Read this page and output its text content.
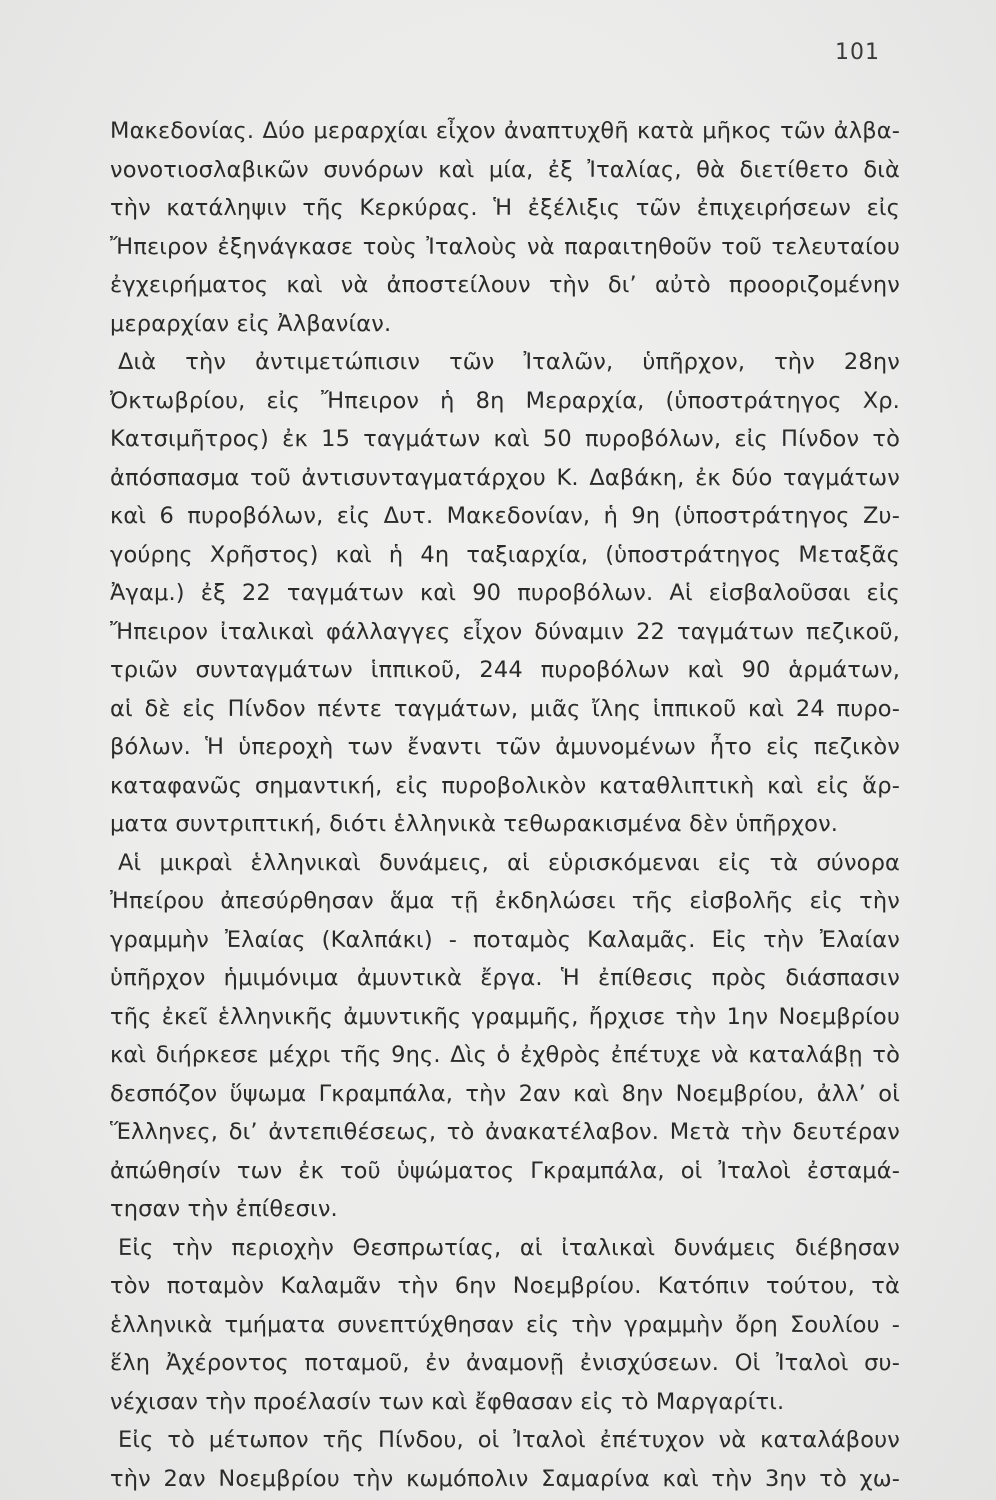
101
Μακεδονίας. Δύο μεραρχίαι εἶχον ἀναπτυχθῆ κατὰ μῆκος τῶν ἀλβα-
νονοτιοσλαβικῶν συνόρων καὶ μία, ἐξ Ἰταλίας, θὰ διετίθετο διὰ
τὴν κατάληψιν τῆς Κερκύρας. Ἡ ἐξέλιξις τῶν ἐπιχειρήσεων εἰς
Ἤπειρον ἐξηνάγκασε τοὺς Ἰταλοὺς νὰ παραιτηθοῦν τοῦ τελευταίου
ἐγχειρήματος καὶ νὰ ἀποστείλουν τὴν δι’ αὐτὸ προοριζομένην
μεραρχίαν εἰς Ἀλβανίαν.
Διὰ τὴν ἀντιμετώπισιν τῶν Ἰταλῶν, ὑπῆρχον, τὴν 28ην
Ὀκτωβρίου, εἰς Ἤπειρον ἡ 8η Μεραρχία, (ὑποστράτηγος Χρ.
Κατσιμῆτρος) ἐκ 15 ταγμάτων καὶ 50 πυροβόλων, εἰς Πίνδον τὸ
ἀπόσπασμα τοῦ ἀντισυνταγματάρχου Κ. Δαβάκη, ἐκ δύο ταγμάτων
καὶ 6 πυροβόλων, εἰς Δυτ. Μακεδονίαν, ἡ 9η (ὑποστράτηγος Ζυ-
γούρης Χρῆστος) καὶ ἡ 4η ταξιαρχία, (ὑποστράτηγος Μεταξᾶς
Ἀγαμ.) ἐξ 22 ταγμάτων καὶ 90 πυροβόλων. Αἱ εἰσβαλοῦσαι εἰς
Ἤπειρον ἰταλικαὶ φάλλαγγες εἶχον δύναμιν 22 ταγμάτων πεζικοῦ,
τριῶν συνταγμάτων ἱππικοῦ, 244 πυροβόλων καὶ 90 ἁρμάτων,
αἱ δὲ εἰς Πίνδον πέντε ταγμάτων, μιᾶς ἴλης ἱππικοῦ καὶ 24 πυρο-
βόλων. Ἡ ὑπεροχὴ των ἔναντι τῶν ἀμυνομένων ἦτο εἰς πεζικὸν
καταφανῶς σημαντική, εἰς πυροβολικὸν καταθλιπτικὴ καὶ εἰς ἅρ-
ματα συντριπτική, διότι ἑλληνικὰ τεθωρακισμένα δὲν ὑπῆρχον.
Αἱ μικραὶ ἑλληνικαὶ δυνάμεις, αἱ εὑρισκόμεναι εἰς τὰ σύνορα
Ἠπείρου ἀπεσύρθησαν ἅμα τῇ ἐκδηλώσει τῆς εἰσβολῆς εἰς τὴν
γραμμὴν Ἐλαίας (Καλπάκι) - ποταμὸς Καλαμᾶς. Εἰς τὴν Ἐλαίαν
ὑπῆρχον ἡμιμόνιμα ἀμυντικὰ ἔργα. Ἡ ἐπίθεσις πρὸς διάσπασιν
τῆς ἐκεῖ ἑλληνικῆς ἀμυντικῆς γραμμῆς, ἤρχισε τὴν 1ην Νοεμβρίου
καὶ διήρκεσε μέχρι τῆς 9ης. Δὶς ὁ ἐχθρὸς ἐπέτυχε νὰ καταλάβῃ τὸ
δεσπόζον ὕψωμα Γκραμπάλα, τὴν 2αν καὶ 8ην Νοεμβρίου, ἀλλ’ οἱ
Ἕλληνες, δι’ ἀντεπιθέσεως, τὸ ἀνακατέλαβον. Μετὰ τὴν δευτέραν
ἀπώθησίν των ἐκ τοῦ ὑψώματος Γκραμπάλα, οἱ Ἰταλοὶ ἐσταμά-
τησαν τὴν ἐπίθεσιν.
Εἰς τὴν περιοχὴν Θεσπρωτίας, αἱ ἰταλικαὶ δυνάμεις διέβησαν
τὸν ποταμὸν Καλαμᾶν τὴν 6ην Νοεμβρίου. Κατόπιν τούτου, τὰ
ἑλληνικὰ τμήματα συνεπτύχθησαν εἰς τὴν γραμμὴν ὄρη Σουλίου -
ἕλη Ἀχέροντος ποταμοῦ, ἐν ἀναμονῇ ἐνισχύσεων. Οἱ Ἰταλοὶ συ-
νέχισαν τὴν προέλασίν των καὶ ἔφθασαν εἰς τὸ Μαργαρίτι.
Εἰς τὸ μέτωπον τῆς Πίνδου, οἱ Ἰταλοὶ ἐπέτυχον νὰ καταλάβουν
τὴν 2αν Νοεμβρίου τὴν κωμόπολιν Σαμαρίνα καὶ τὴν 3ην τὸ χω-
